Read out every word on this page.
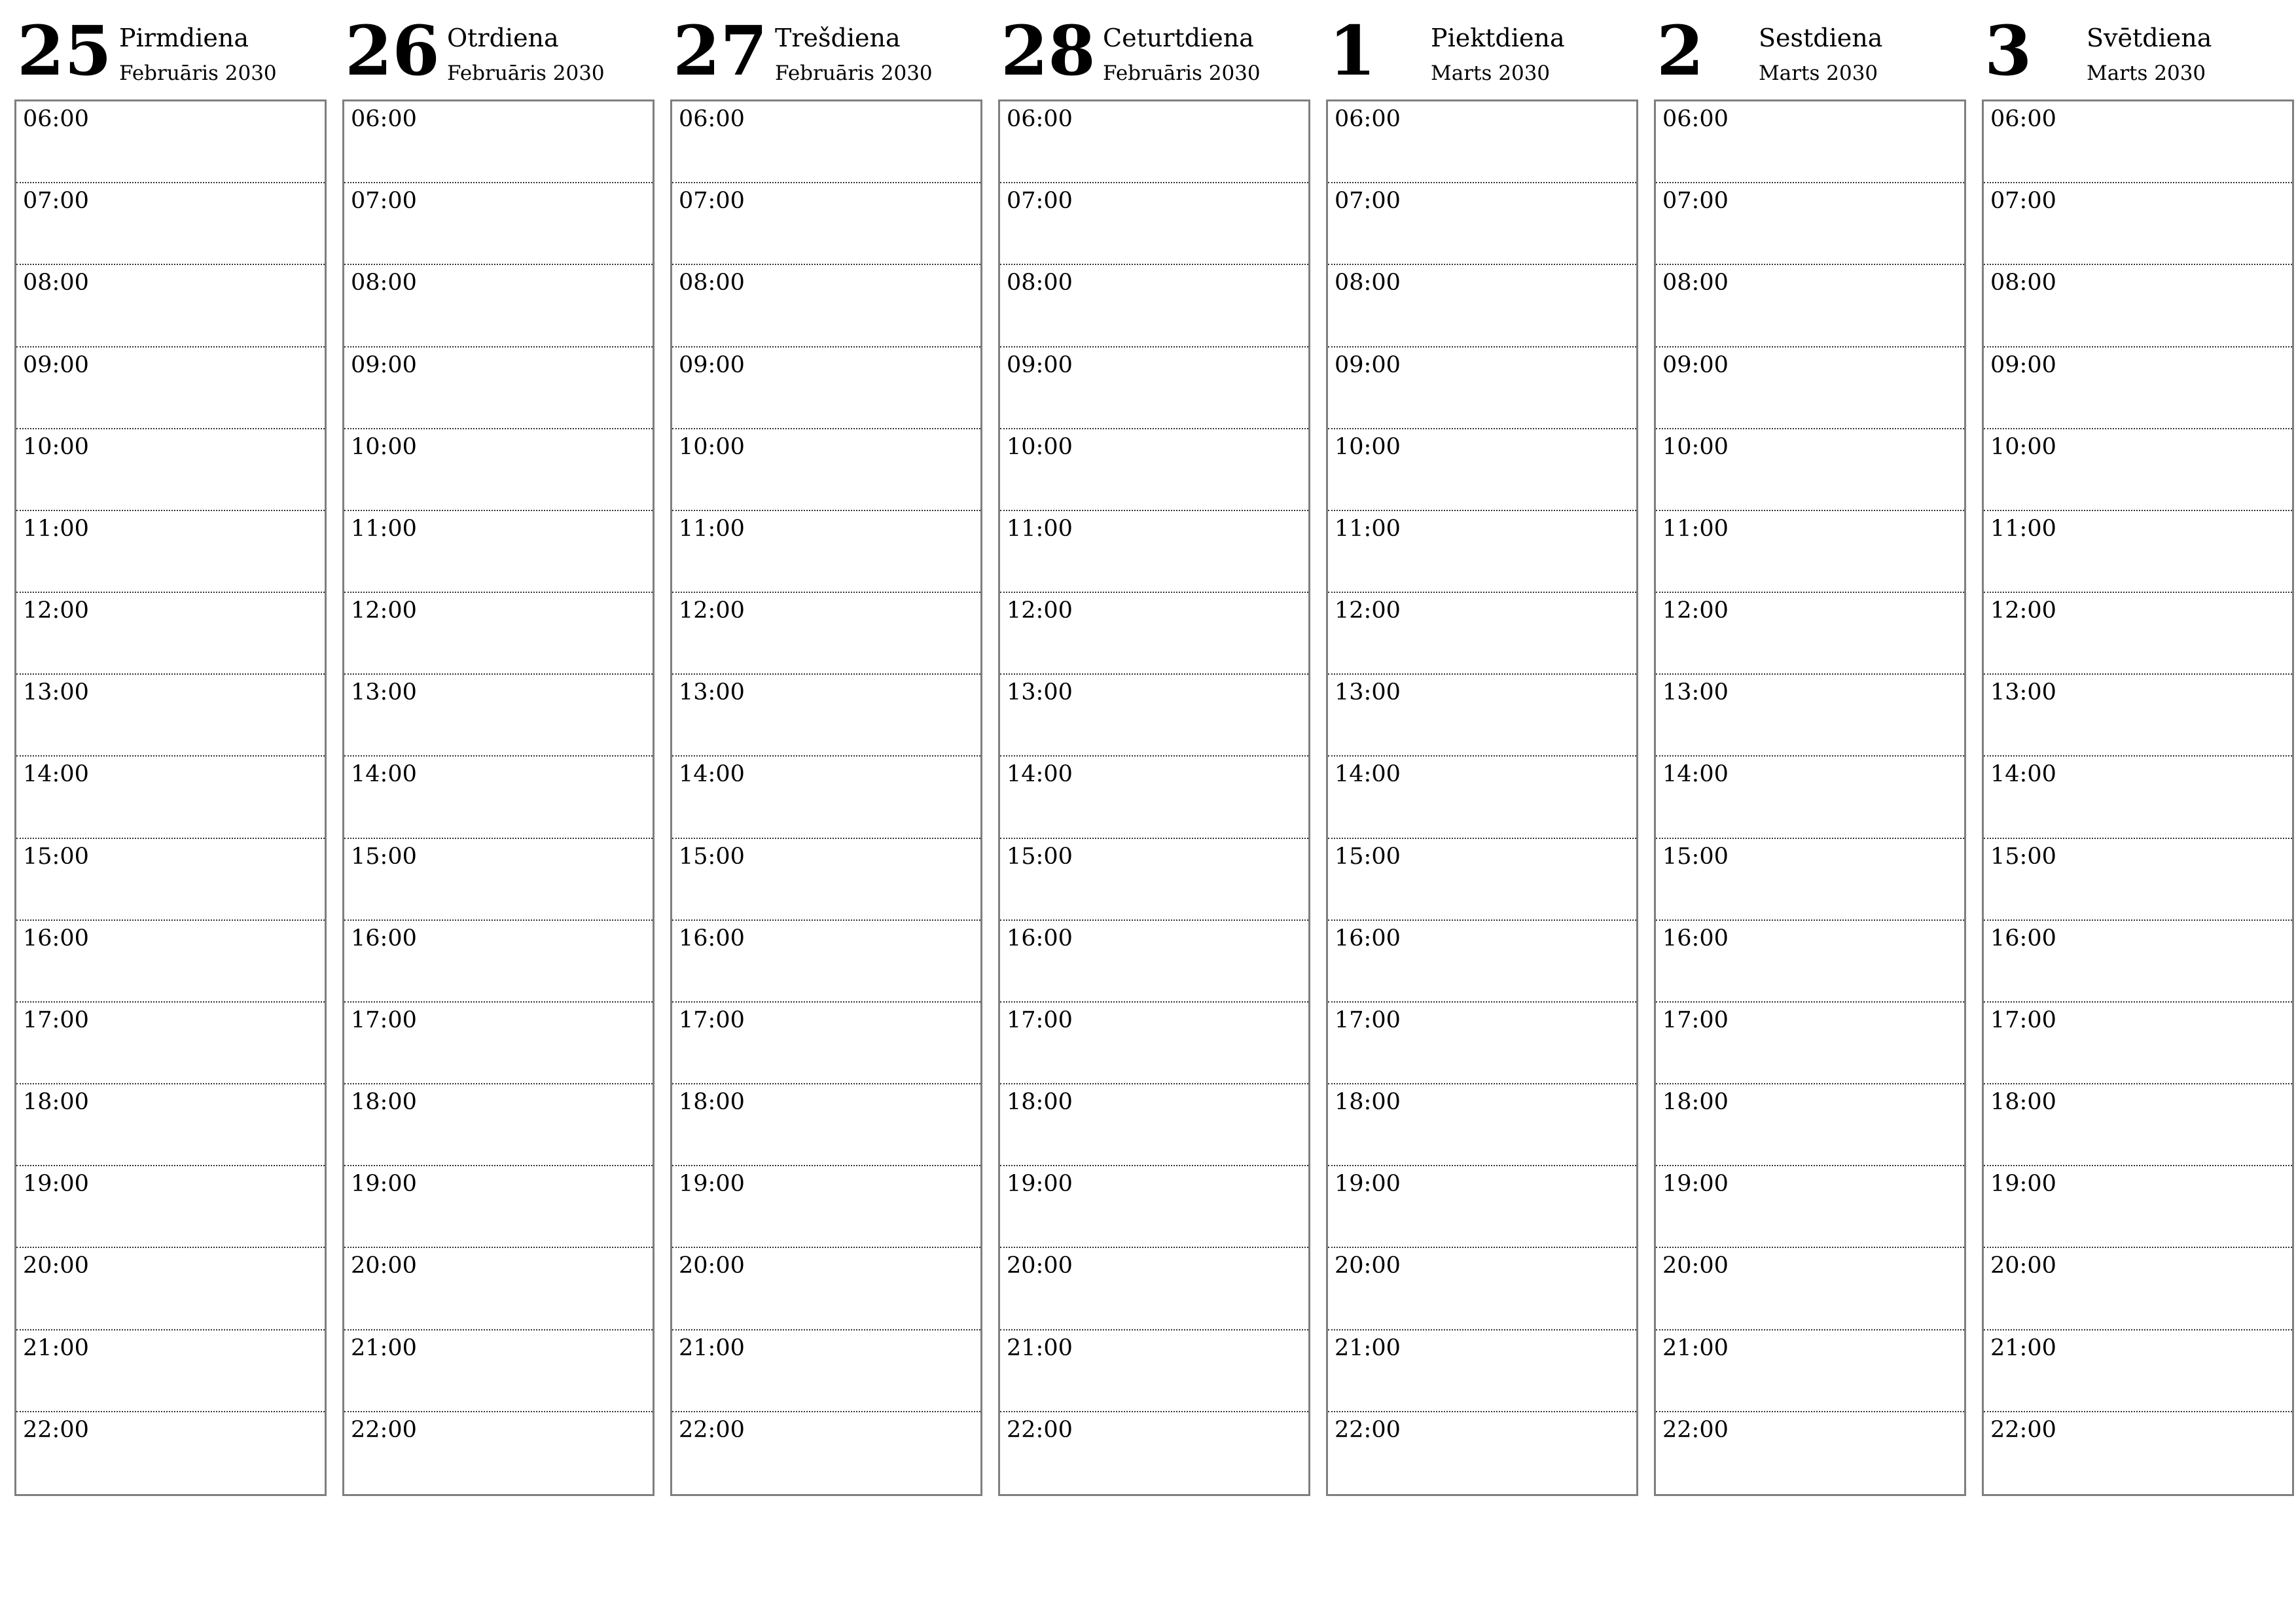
25 Pirmdiena
Februāris 2030
06:00
07:00
08:00
09:00
10:00
11:00
12:00
13:00
14:00
15:00
16:00
17:00
18:00
19:00
20:00
21:00
22:00
26 Otrdiena
Februāris 2030
06:00
07:00
08:00
09:00
10:00
11:00
12:00
13:00
14:00
15:00
16:00
17:00
18:00
19:00
20:00
21:00
22:00
27 Trešdiena
Februāris 2030
06:00
07:00
08:00
09:00
10:00
11:00
12:00
13:00
14:00
15:00
16:00
17:00
18:00
19:00
20:00
21:00
22:00
28 Ceturtdiena
Februāris 2030
06:00
07:00
08:00
09:00
10:00
11:00
12:00
13:00
14:00
15:00
16:00
17:00
18:00
19:00
20:00
21:00
22:00
1 Piektdiena
Marts 2030
06:00
07:00
08:00
09:00
10:00
11:00
12:00
13:00
14:00
15:00
16:00
17:00
18:00
19:00
20:00
21:00
22:00
2 Sestdiena
Marts 2030
06:00
07:00
08:00
09:00
10:00
11:00
12:00
13:00
14:00
15:00
16:00
17:00
18:00
19:00
20:00
21:00
22:00
3 Svētdiena
Marts 2030
06:00
07:00
08:00
09:00
10:00
11:00
12:00
13:00
14:00
15:00
16:00
17:00
18:00
19:00
20:00
21:00
22:00
